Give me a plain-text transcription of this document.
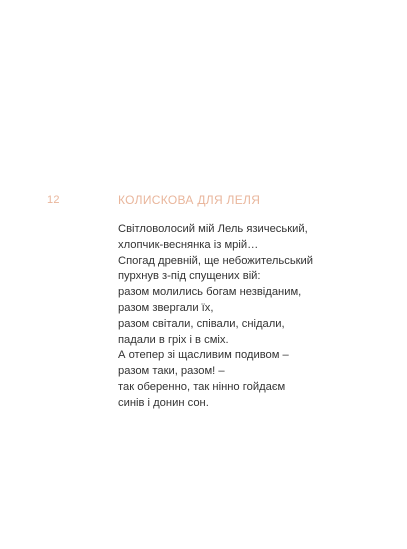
12	КОЛИСКОВА ДЛЯ ЛЕЛЯ
Світловолосий мій Лель язичеський,
хлопчик-веснянка із мрій…
Спогад древній, ще небожительський
пурхнув з-під спущених вій:
разом молились богам незвіданим,
разом звергали їх,
разом світали, співали, снідали,
падали в гріх і в сміх.
А отепер зі щасливим подивом –
разом таки, разом! –
так оберенно, так нінно гойдаєм
синів і донин сон.
